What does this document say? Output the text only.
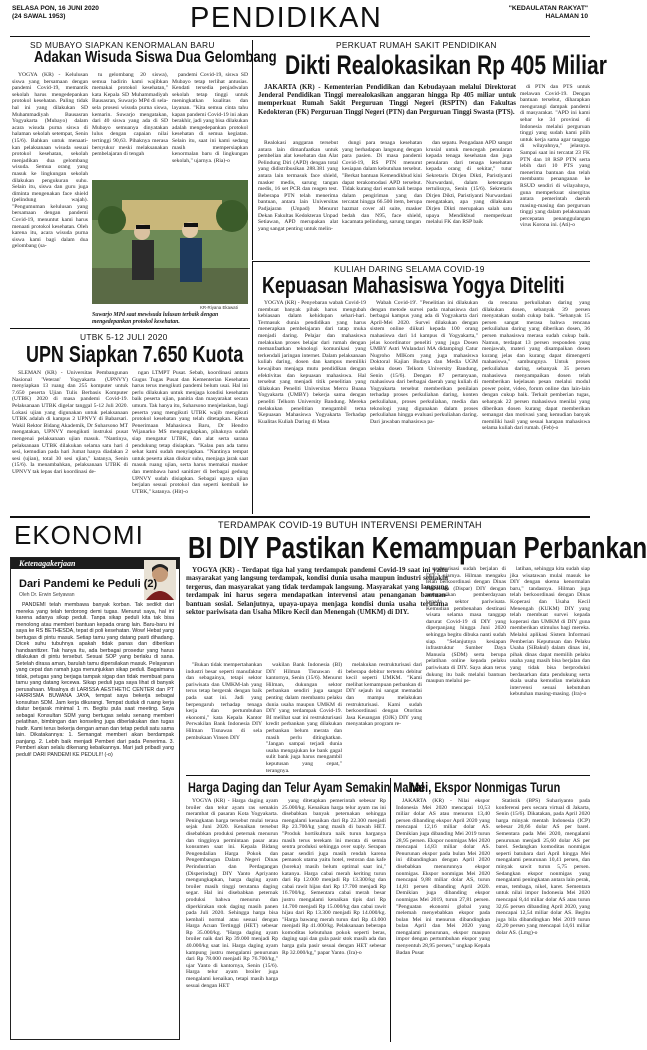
SELASA PON, 16 JUNI 2020
(24 SAWAL 1953)	PENDIDIKAN	"KEDAULATAN RAKYAT"
HALAMAN 10
SD MUBAYO SIAPKAN KENORMALAN BARU
Adakan Wisuda Siswa Dua Gelombang

YOGYA (KR) - Kelulusan siswa yang bersamaan dengan pandemi Covid-19, memantik sekolah harus mengedepankan protokol kesehatan. Paling tidak hal ini yang dilakukan SD Muhammadiyah Bausasran Yogyakarta (Mubayo) dalam acara wisuda purna siswa di halaman sekolah setempat, Senin (15/6). Bahkan untuk menaati-kan pelaksanaan wisuda sesuai protokol kesehatan, sekolah menjadikan dua gelombang wisuda. Semua orang yang masuk ke lingkungan sekolah dilakukan pengukuran suhu. Selain itu, siswa dan guru juga diminta mengenakan face shield (pelindung wajah). "Pengumuman kelulusan yang bersamaan dengan pandemi Covid-19, menuntut kami harus menaati protokol kesehatan. Oleh karena itu, acara wisuda purna siswa kami bagi dalam dua gelombang (sa-

tu gelombang 20 siswa), semua hadirin kami wajibkan memakai protokol kesehatan," kata Kepala SD Muhammadiyah Bausasran, Suwarjo MPd di sela-sela prosesi wisuda purna siswa, kemarin. Suwarjo mengatakan, dari 40 siswa yang ada di SD Mubayo semuanya dinyatakan lulus dengan capaian nilai tertinggi 90,63. Pihaknya merasa bersyukur meski melaksanakan pembelajaran di tengah

pandemi Covid-19, siswa SD Mubayo tetap terlihat antusias. Kendati tersedia penjadwalan sekolah tetap tinggi untuk meningkatkan kualitas dan layanan. "Kita semua cinta tahu kapan pandemi Covid-19 ini akan berakhir, jadi yang bisa dilakukan adalah mengedepankan protokol kesehatan di semua kegiatan. Selain itu, saat ini kami sedang masih mempersiapkan kenormalan baru di lingkungan sekolah," ujarnya. (Ria)-o

KR-Riyana Ekawati
Suwarjo MPd saat mewisuda lulusan terbaik dengan mengedepankan protokol kesehatan.
PERKUAT RUMAH SAKIT PENDIDIKAN
Dikti Realokasikan Rp 405 Miliar

JAKARTA (KR) - Kementerian Pendidikan dan Kebudayaan melalui Direktorat Jenderal Pendidikan Tinggi merealokasikan anggaran hingga Rp 405 miliar untuk memperkuat Rumah Sakit Perguruan Tinggi Negeri (RSPTN) dan Fakultas Kedokteran (FK) Perguruan Tinggi Negeri (PTN) dan Perguruan Tinggi Swasta (PTS).

Realokasi anggaran tersebut antara lain dimanfaatkan untuk pembelian alat kesehatan dan Alat Pelindung Diri (APD) dengan total yang didistribusikan 288.381 yang antara lain termasuk face shield, masker medis, sarung tangan medis, 16 set PCR dan reagen test. Beberapa PTN telah menerima bantuan, antara lain Universitas Padjajaran (Unpad) Menurut Dekan Fakultas Kedokteran Unpad Setiawan, APD merupakan alat yang sangat penting untuk melin-

dungi para tenaga kesehatan yang berhadapan langsung dengan para pasien. Di masa pandemi Covid-19, RS PTN menurut kesiapan dalam kebutuhan tersebut. "Berkat bantuan Kemendikbud kini dapat terakomodasi APD tersebut. Tidak kurang dari enam kali berapa dalam pengiriman yang dan tercatat hingga 66.500 item, berupa hazmat cover all suite, masker bedah dan N95, face shield, kacamata pelindung, sarung tangan

dan sepatu. Pengadaan APD sangat krusial untuk mencegah penularan kepada tenaga kesehatan dan juga penularan dari tenaga kesehatan kepada orang di sekitar," tutur Sekretaris Dirjen Dikti, Paristiyanti Nurwardani, dalam keterangan tertulisnya, Senin (15/6). Sekretaris Dirjen Dikti, Paristiyanti Nurwardani mengatakan, apa yang dilakukan Dirjen Dikti merupakan salah satu upaya Mendikbud memperkuat melalui FK dan RSP baik

di PTN dan PTS untuk melawan Covid-19. Dengan bantuan tersebut, diharapkan mengurangi dampak pandemi di masyarakat. "APD ini kami sebar ke 34 provinsi di Indonesia melalui perguruan tinggi yang sudah kami pilih untuk kerja sama agar tanggap di wilayahnya," jelasnya. Sampai saat ini tercatat 23 FK PTN dan 18 RSP PTN serta lebih dari 10 PTS yang menerima bantuan dan telah membantu penanganan ke RSUD sendiri di wilayahnya, guna memperkuat sinergitas antara pemerintah daerah masing-masing dan perguruan tinggi yang dalam pelaksanaan percepatan penanggulangan virus Korona ini. (Ati)-o

KULIAH DARING SELAMA COVID-19
Kepuasan Mahasiswa Yogya Diteliti

YOGYA (KR) - Penyebaran wabah Covid-19 membuat banyak pihak harus mengubah kebiasaan dalam kehidupan sehari-hari. Termasuk dunia pendidikan yang harus menerapkan pembelajaran dari tatap muka menjadi daring. Pelajar dan mahasiswa melakukan proses belajar dari rumah dengan memanfaatkan teknologi komunikasi yang terkendali jaringan internet. Dalam pelaksanaan kuliah daring, dosen dan kampus memiliki kewajiban menjaga mutu pendidikan dengan efektivitas dan kepuasan mahasiswa. Hal tersebut yang menjadi titik penelitian yang dilakukan Peneliti Universitas Mercu Buana Yogyakarta (UMBY) bekerja sama dengan peneliti Telkom University Bandung. Mereka melakukan penelitian mengambil tema 'Kepuasan Mahasiswa Yogyakarta Terhadap Kualitas Kuliah Daring di Masa

Wabah Covid-19'. "Penelitian ini dilakukan dengan metode survei pada mahasiswa dari berbagai kampus yang ada di Yogyakarta dari April-Mei 2020. Survei dilakukan dengan sistem online diikuti kepada 100 orang mahasiswa dari 14 kampus di Yogyakarta," jelas koordinator peneliti yang juga Dosen UMBY Astri Wulandari MA didampingi Catur Nugroho MIKom yang juga mahasiswa Doktoral Kajian Budaya dan Media UGM selaku dosen Telkom University Bandung, Senin (15/6). Dengan 87 pertanyaan, mahasiswa dari berbagai daerah yang kuliah di Yogyakarta tersebut memberikan penilaian terhadap proses perkuliahan daring, konten perkuliahan, proses perkuliahan, media dan teknologi yang digunakan dalam proses perkuliahan hingga evaluasi perkuliahan daring. Dari jawaban mahasiswa pa-

da rencana perkuliahan daring yang dilakukan dosen, sebanyak 39 persen menyatakan sudah cukup baik. "Sebanyak 15 persen sangat merasa bahwa rencana perkuliahan daring yang diberikan dosen, 36 persen mahasiswa merasa sudah cukup baik. Namun, terdapat 13 persen responden yang menjawab, materi yang disampaikan dosen kurang jelas dan kurang dapat dimengerti mahasiswa," sambungnya. Untuk proses perkuliahan daring, sebanyak 35 persen mahasiswa menyampaikan dosen telah memberikan kejelasan pesan melalui modul power point, video, forum online dan lain-lain dengan cukup baik. Terkait pemberian tugas, sebanyak 22 persen mahasiswa menilai yang diberikan dosen kurang dapat memberikan semangat dan motivasi yang kemudian banyak memiliki hasil yang sesuai harapan mahasiswa selama kuliah dari rumah. (Feb)-o

UTBK 5-12 JULI 2020
UPN Siapkan 7.650 Kuota

SLEMAN (KR) - Universitas Pembangunan Nasional 'Veteran' Yogyakarta (UPNVY) menyiapkan 13 ruang dan 255 komputer untuk 7.650 peserta Ujian Tulis Berbasis Komputer (UTBK) 2020 di masa pandemi Covid-19. Pelaksanaan UTBK digelar tanggal 5-12 Juli 2020. Lokasi ujian yang digunakan untuk pelaksanaan UTBK adalah di kampus 2 UPNVY di Babarsari. Wakil Rektor Bidang Akademik, Dr Suharsono MT mengatakan, UPNVY mengikuti instruksi pusat mengenai pelaksanaan ujian masuk. "Nantinya, pelaksanaan UTBK dilakukan selama satu hari 4 sesi, kemudian pada hari Jumat hanya diadakan 2 sesi (ujian), total 30 sesi ujian," katanya, Senin (15/6). Ia menambahkan, pelaksanaan UTBK di UPNVY tak lepas dari koordinasi de-

ngan LTMPT Pusat. Sebab, koordinasi antara Gugus Tugas Pusat dan Kementerian Kesehatan harus terus mengikuti pandemi belum usai. Hal ini perlu dilakukan untuk menjaga kondisi kesehatan baik peserta ujian, panitia dan masyarakat secara umum. Tak hanya itu, Suharsono menjelaskan, bagi peserta yang mengikuti UTBK wajib mengikuti protokol kesehatan yang telah ditetapkan. Ketua Penerimaan Mahasiswa Baru, Dr Hendro Wijanarko MS mengungkapkan, pihaknya sudah siap mengatur UTBK, dan alat serta sarana pendukung tetap disiapkan. "Kalau pun ada tamu sehat kami sudah menyiapkan. "Nantinya tempat untuk peserta akan diukur suhu, menjaga jarak saat masuk ruang ujian, serta harus memakai masker dan membawa hand sanitizer di berbagai gedung UPNVY sudah disiapkan. Sebagai upaya ujian berjalan sesuai protokol dan seperti kembali ke UTBK," katanya. (Hit)-o

EKONOMI	TERDAMPAK COVID-19 BUTUH INTERVENSI PEMERINTAH
BI DIY Pastikan Kemampuan Perbankan
Ketenagakerjaan
Dari Pandemi ke Peduli (2)
Oleh Dr. Erwin Setyawan

PANDEMI telah membawa banyak korban. Tak sedikit dari mereka yang telah terdorong demi tugas. Menurut saya, hal ini karena adanya sikap peduli. Tanpa sikap peduli kita tak bisa menolong atau memberi bantuan kepada orang lain. Baru-baru ini saya ke RS BETHESDA, tepat di poli kesehatan. Wow! Hebat yang bertugas di pintu masuk. Setiap tamu yang datang pasti dihadang. Dicek suhu tubuhnya apakah tidak panas dan diberikan handsanitizer. Tak hanya itu, ada berbagai prosedur yang harus dilakukan di pintu tersebut. Sesuai SOP yang berlaku di sana. Setelah dirasa aman, barulah tamu dipersilakan masuk. Pelayanan yang cepat dan ramah juga menunjukkan sikap peduli. Bagaimana tidak, petugas yang berjaga tampak sigap dan tidak membuat para tamu yang datang kecewa. Sikap peduli juga saya lihat di banyak perusahaan. Misalnya di LARISSA AESTHETIC CENTER dan PT HARRISMA BUWANA JAYA, tempat saya bekerja sebagai konsultan SDM. Jam kerja dikurangi. Tempat duduk di ruang kerja diatur berjarak minimal 1 m. Begitu pula saat meeting. Saya sebagai Konsultan SDM yang bertugas selalu senang memberi pelatihan, bimbingan dan konseling juga diberlakukan dan tugas hadir. Kami terus bekerja dengan aman dan tetap peduli satu sama lain. Dikatakannya: 1. Semangat memberi akan berdampak panjang. 2. Lebih baik menjadi Pemberi dari pada Penerima. 3. Pemberi akan selalu dikenang kebaikannya. Mari jadi pribadi yang peduli! DARI PANDEMI KE PEDULI!! (-o)

YOGYA (KR) - Terdapat tiga hal yang terdampak pandemi Covid-19 saat ini yaitu masyarakat yang langsung terdampak, kondisi dunia usaha maupun industri semakin tergerus, dan masyarakat yang tidak terdampak langsung. Masyarakat yang langsung terdampak ini harus segera mendapatkan intervensi atau penanganan bantuan-bantuan sosial. Selanjutnya, upaya-upaya menjaga kondisi dunia usaha terutama sektor pariwisata dan Usaha Mikro Kecil dan Menengah (UMKM) di DIY.

"Bukan tidak mempertahankan industri besar seperti manufaktur dan sebagainya, tetapi sektor pariwisata dan UMKM-lah yang terus tetap bergerak dengan baik pada saat ini. Jadi yang berpengaruh terhadap tenaga kerja dan pertumbuhan ekonomi," kata Kepala Kantor Perwakilan Bank Indonesia DIY Hilman Tisnawan di sela pembukaan Vinsen DIY

wakilan Bank Indonesia (BI) DIY Hilman Tisnawan di kantornya, Senin (15/6). Menurut Hilman, dukungan sektor perbankan sendiri juga sangat penting dalam membantu pelaku dunia usaha maupun UMKM di DIY yang terdampak Covid-19. BI melihat saat ini restrukturisasi kredit perbankan yang dilakukan perbankan belum merata dan masih perlu ditingkatkan. "Jangan sampai terjadi dunia usaha mengajukan ke bank gagal sulit bank juga harus mengambil keputusan yang cepat," terangnya.

melakukan restrukturisasi dari beberapa debitur tertentu debitur kecil seperti UMKM. "Kami melihat kemampuan perbankan di DIY sejauh ini sangat memadai dan mampu melakukan restrukturisasi. Kami sudah berkoordinasi dengan Otoritas Jasa Keuangan (OJK) DIY yang menyatakan program re-

strukturisasi sudah berjalan di DIY," ujarnya. Hilman mengaku telah berkoordinasi dengan Dinas Pariwisata (Dispar) DIY dengan mengusulkan pemberdayaan kepada sektor pariwisata. Kemudian pembenahan destinasi wisata selama masa tanggap darurat Covid-19 di DIY yang diperpanjang hingga Juni 2020 sehingga begitu dibuka nanti sudah siap. "Selanjutnya kesiapan infrastruktur Sumber Daya Manusia (SDM) serta berupa pelatihan online kepada pelaku pariwisata di DIY. Saya akan terus dukung itu baik melalui bantuan maupun melalui pe-

latihan, sehingga kita sudah siap jika wisatawan mulai masuk ke DIY dengan skema kenormalan baru," tandasnya. Hilman juga telah berkoordinasi dengan Dinas Koperasi dan Usaha Kecil Menengah (KUKM) DIY yang telah membuat survei kepada koperasi dan UMKM di DIY guna memberikan stimulus bagi mereka. Melalui aplikasi Sistem Informasi Pemberian Keputusan dan Pelaku Usaha (SiBakul) dalam dinas ini, pihak dinas dapat memilih pelaku usaha yang masih bisa berjalan dan yang tidak bisa berproduksi berdasarkan data pendukung serta skala usaha kemudian melakukan intervensi sesuai kebutuhan kebutuhan masing-masing. (Ira)-o

Harga Daging dan Telur Ayam Semakin Mahal

YOGYA (KR) - Harga daging ayam broiler dan telur ayam ras semakin merambat di pasaran Kota Yogyakarta. Peningkatan harga tersebut mulai terasa sejak Juni 2020. Kenaikan tersebut disebabkan produksi peternak menurun dan tingginya permintaan pasar atau konsumen saat ini. Kepala Bidang Pengendalian Harga Pokok dan Pengembangan Dalam Negeri Dinas Perindustrian dan Perdagangan (Disperindag) DIY Yanto Apriyanto mengungkapkan, harga daging ayam broiler masih tinggi terutama daging segar. Hal ini disebabkan peternak produksi bahwa menurun dan diperkirakan stok daging masih panen pada Juli 2020. Sehingga harga bisa kembali normal atau sesuai dengan Harga Acuan Tertinggi (HET) sebesar Rp 35.000/kg. "Harga daging ayam broiler naik dari Rp 39.000 menjadi Rp 40.000/kg saat ini. Harga daging ayam kampung justru mengalami penurunan dari Rp 78.000 menjadi Rp 76.700/kg," ujar Yanto di kantornya, Senin (15/6). Harga telur ayam broiler juga mengalami kenaikan, tetapi masih harga sesuai dengan HET

yang ditetapkan pemerintah sebesar Rp 25.000/kg. Kenaikan harga telur ayam ras ini disebabkan banyak peternakan sehingga mengalami kenaikan dari Rp 22.300 menjadi Rp 23.700/kg yang masih di bawah HET. "Produk hortikultura naik turun harganya masih terus terekam ini merata di semua sentra produksi sehingga over suply. Serapan pasar sendiri juga masih rendah karena pemasok utama yaitu hotel, restoran dan kafe (horeka) masih belum optimal saat ini," katanya. Harga cabai merah keriting turun dari Rp 12.000 menjadi Rp 13.300/kg dan cabai rawit hijau dari Rp 17.700 menjadi Rp 16.700/kg. Sementara cabai merah besar justru mengalami kenaikan tipis dari Rp 14.700 menjadi Rp 15.000/kg dan cabai rawit hijau dari Rp 13.300 menjadi Rp 14.000/kg. "Harga bawang merah turun dari Rp 43.000 menjadi Rp 41.000/kg. Pelaksanaan beberapa komoditas kebutuhan pokok seperti beras, daging sapi dan gula pasir stok masih ada dan harga gula pasir sesuai dengan HET sebesar Rp 32.000/kg," papar Yanto. (Ira)-o

Mei, Ekspor Nonmigas Turun

JAKARTA (KR) - Nilai ekspor Indonesia Mei 2020 mencapai 10,53 miliar dolar AS atau menurun 13,40 persen dibanding ekspor April 2020 yang mencapai 12,16 miliar dolar AS. Demikian juga dibanding Mei 2019 turun 28,95 persen. Ekspor nonmigas Mei 2020 mencapai 14,83 miliar dolar AS. Penurunan ekspor pada bulan Mei 2020 ini dibandingkan dengan April 2020 disebabkan menurunnya ekspor nonmigas. Ekspor nonmigas Mei 2020 mencapai 9,88 miliar dolar AS, turun 14,81 persen dibanding April 2020. Demikian juga dibanding ekspor nonmigas Mei 2019, turun 27,81 persen. "Penguatan ekonomi global yang melemah menyebabkan ekspor pada bulan Mei ini menurun dibandingkan bulan April dan Mei 2020 yang mengalami penurunan, ekspor maupun impor dengan pertumbuhan ekspor yang menyentuh 28,95 persen," ungkap Kepala Badan Pusat

Statistik (BPS) Suhariyanto pada konferensi pers secara virtual di Jakarta, Senin (15/6). Dikatakan, pada April 2020 harga minyak mentah Indonesia (ICP) sebesar 20,66 dolar AS per barel. Sementara pada Mei 2020, mengalami penurunan menjadi 25,60 dolar AS per barel. Sedangkan komoditas nonmigas seperti batubara dari April hingga Mei mengalami penurunan 10,41 persen, dan minyak sawit turun 5,75 persen. Sedangkan ekspor nonmigas yang mengalami peningkatan antara lain perak, emas, tembaga, nikel, karet. Sementara untuk nilai impor Indonesia Mei 2020 mencapai 8,44 miliar dolar AS atau turun 32,65 persen dibanding April 2020, yang mencapai 12,54 miliar dolar AS. Begitu juga bila dibandingkan Mei 2019 turun 42,20 persen yang mencapai 14,61 miliar dolar AS. (Lmg)-o
